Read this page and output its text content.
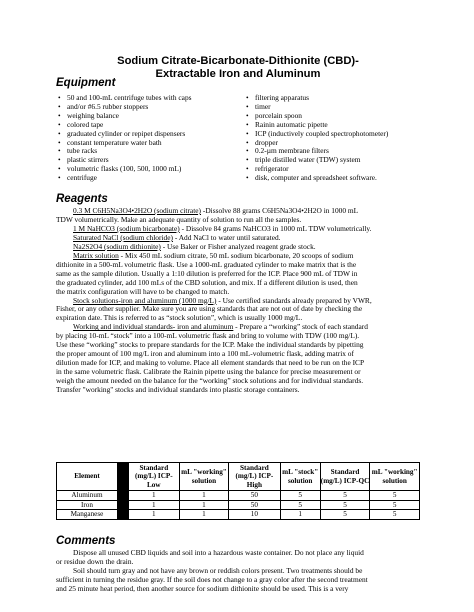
Sodium Citrate-Bicarbonate-Dithionite (CBD)-
Extractable Iron and Aluminum
Equipment
• 50 and 100-mL centrifuge tubes with caps
• and/or #6.5 rubber stoppers
• weighing balance
• colored tape
• graduated cylinder or repipet dispensers
• constant temperature water bath
• tube racks
• plastic stirrers
• volumetric flasks (100, 500, 1000 mL)
• centrifuge
• filtering apparatus
• timer
• porcelain spoon
• Rainin automatic pipette
• ICP (inductively coupled spectrophotometer)
• dropper
• 0.2-µm membrane filters
• triple distilled water (TDW) system
• refrigerator
• disk, computer and spreadsheet software.
Reagents

0.3 M C6H5Na3O4•2H2O (sodium citrate) -Dissolve 88 grams C6H5Na3O4•2H2O in 1000 mL

TDW volumetrically. Make an adequate quantity of solution to run all the samples.

1 M NaHCO3 (sodium bicarbonate) - Dissolve 84 grams NaHCO3 in 1000 mL TDW volumetrically.

Saturated NaCl (sodium chloride) - Add NaCl to water until saturated.

Na2S2O4 (sodium dithionite) - Use Baker or Fisher analyzed reagent grade stock.

Matrix solution - Mix 450 mL sodium citrate, 50 mL sodium bicarbonate, 20 scoops of sodium

dithionite in a 500-mL volumetric flask. Use a 1000-mL graduated cylinder to make matrix that is the

same as the sample dilution. Usually a 1:10 dilution is preferred for the ICP. Place 900 mL of TDW in

the graduated cylinder, add 100 mLs of the CBD solution, and mix. If a different dilution is used, then

the matrix configuration will have to be changed to match.

Stock solutions-iron and aluminum (1000 mg/L) - Use certified standards already prepared by VWR,

Fisher, or any other supplier. Make sure you are using standards that are not out of date by checking the

expiration date. This is referred to as “stock solution”, which is usually 1000 mg/L.

Working and individual standards- iron and aluminum - Prepare a “working” stock of each standard

by placing 10-mL “stock” into a 100-mL volumetric flask and bring to volume with TDW (100 mg/L).

Use these “working” stocks to prepare standards for the ICP. Make the individual standards by pipetting

the proper amount of 100 mg/L iron and aluminum into a 100 mL-volumetric flask, adding matrix of

dilution made for ICP, and making to volume. Place all element standards that need to be run on the ICP

in the same volumetric flask. Calibrate the Rainin pipette using the balance for precise measurement or

weigh the amount needed on the balance for the “working” stock solutions and for individual standards.

Transfer "working" stocks and individual standards into plastic storage containers.

Element		Standard (mg/L) ICP-Low	mL "working" solution	Standard (mg/L) ICP-High	mL "stock" solution	Standard (mg/L) ICP-QC	mL "working" solution
Aluminum		1	1	50	5	5	5
Iron		1	1	50	5	5	5
Manganese		1	1	10	1	5	5
Comments

Dispose all unused CBD liquids and soil into a hazardous waste container. Do not place any liquid

or residue down the drain.

Soil should turn gray and not have any brown or reddish colors present. Two treatments should be

sufficient in turning the residue gray. If the soil does not change to a gray color after the second treatment

and 25 minute heat period, then another source for sodium dithionite should be used. This is a very
